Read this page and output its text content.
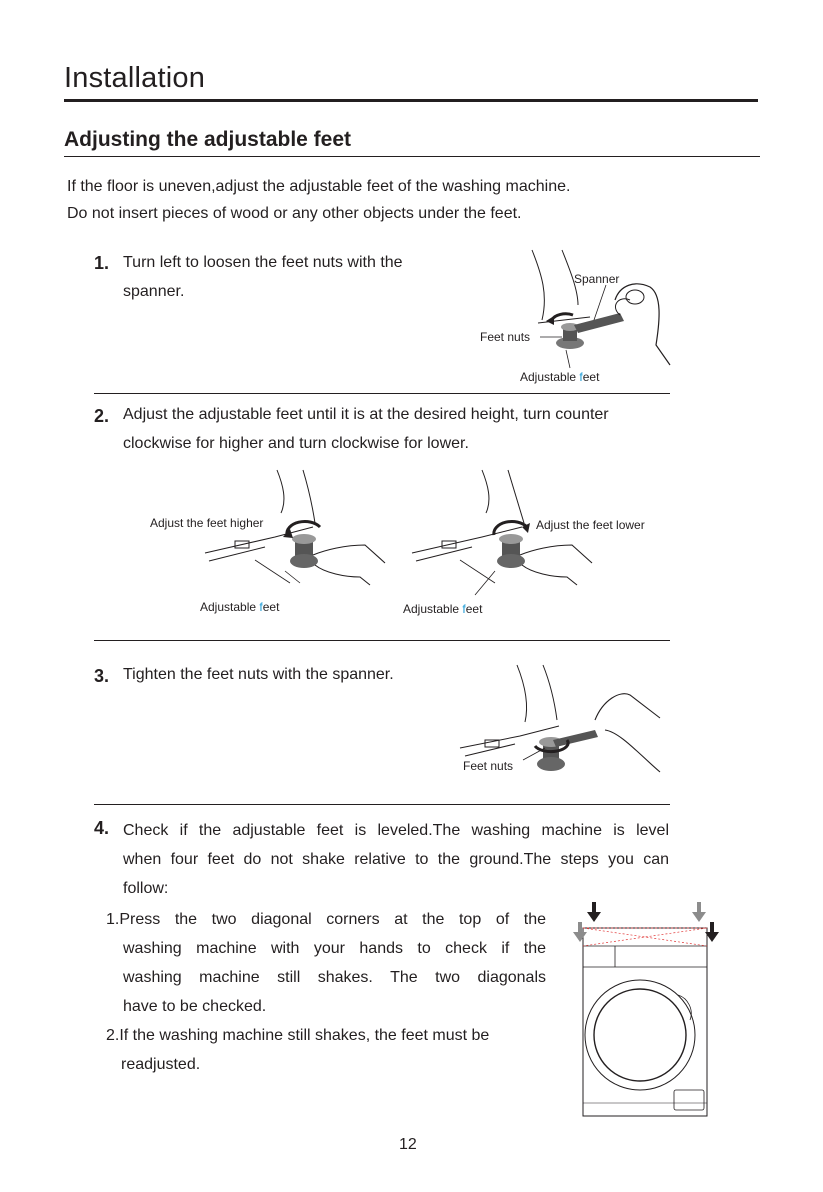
Installation
Adjusting the adjustable feet
If the floor is uneven,adjust the adjustable feet of the washing machine.
Do not insert pieces of wood or any other objects under the feet.
1. Turn left to loosen the feet nuts with the
spanner.
Spanner
Feet nuts
Adjustable feet
2. Adjust the adjustable feet until it is at the desired height, turn counter
clockwise for higher and turn clockwise for lower.
Adjust the feet higher
Adjustable feet
Adjust the feet lower
Adjustable feet
3. Tighten the feet nuts with the spanner.
Feet nuts
4. Check if the adjustable feet is leveled.The washing machine is level
when four feet do not shake relative to the ground.The steps you can
follow:
1.Press the two diagonal corners at the top of the
washing machine with your hands to check if the
washing machine still shakes. The two diagonals
have to be checked.
2.If the washing machine still shakes, the feet must be
readjusted.
12
